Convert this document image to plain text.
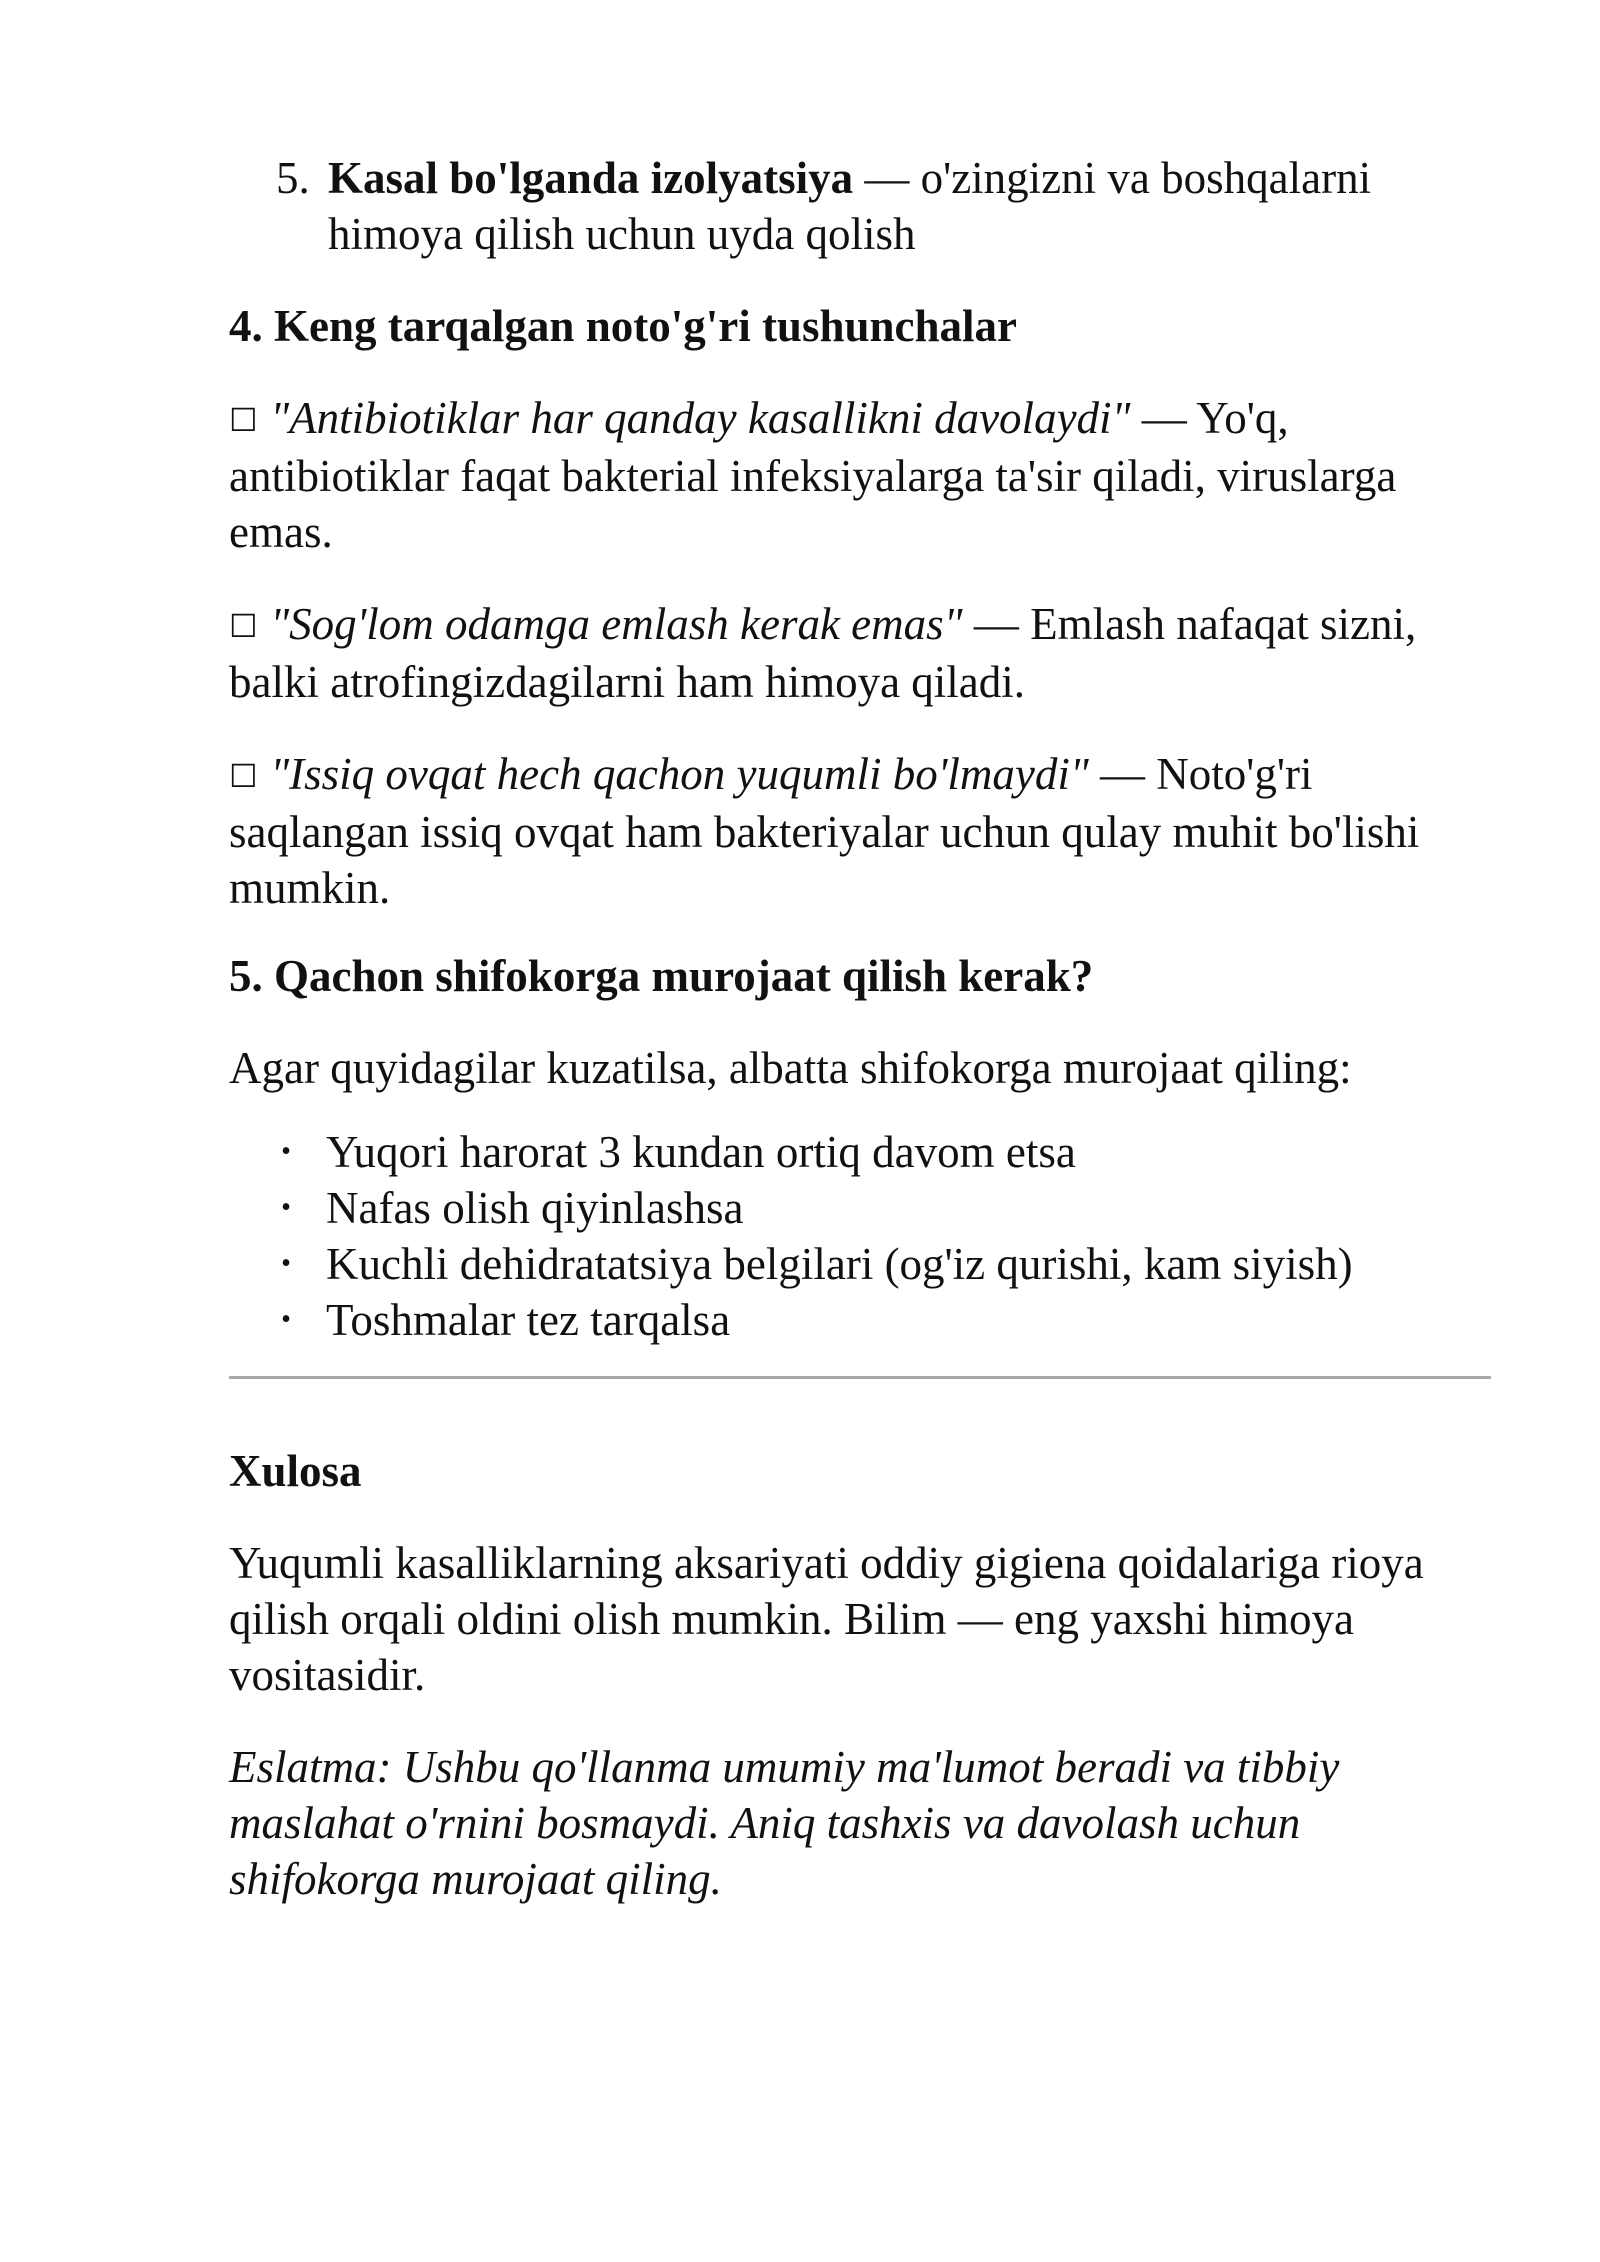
5. Kasal bo'lganda izolyatsiya — o'zingizni va boshqalarni himoya qilish uchun uyda qolish
4. Keng tarqalgan noto'g'ri tushunchalar

☐ "Antibiotiklar har qanday kasallikni davolaydi" — Yo'q, antibiotiklar faqat bakterial infeksiyalarga ta'sir qiladi, viruslarga emas.

☐ "Sog'lom odamga emlash kerak emas" — Emlash nafaqat sizni, balki atrofingizdagilarni ham himoya qiladi.

☐ "Issiq ovqat hech qachon yuqumli bo'lmaydi" — Noto'g'ri saqlangan issiq ovqat ham bakteriyalar uchun qulay muhit bo'lishi mumkin.

5. Qachon shifokorga murojaat qilish kerak?

Agar quyidagilar kuzatilsa, albatta shifokorga murojaat qiling:

• Yuqori harorat 3 kundan ortiq davom etsa
• Nafas olish qiyinlashsa
• Kuchli dehidratatsiya belgilari (og'iz qurishi, kam siyish)
• Toshmalar tez tarqalsa
Xulosa

Yuqumli kasalliklarning aksariyati oddiy gigiena qoidalariga rioya qilish orqali oldini olish mumkin. Bilim — eng yaxshi himoya vositasidir.

Eslatma: Ushbu qo'llanma umumiy ma'lumot beradi va tibbiy maslahat o'rnini bosmaydi. Aniq tashxis va davolash uchun shifokorga murojaat qiling.
